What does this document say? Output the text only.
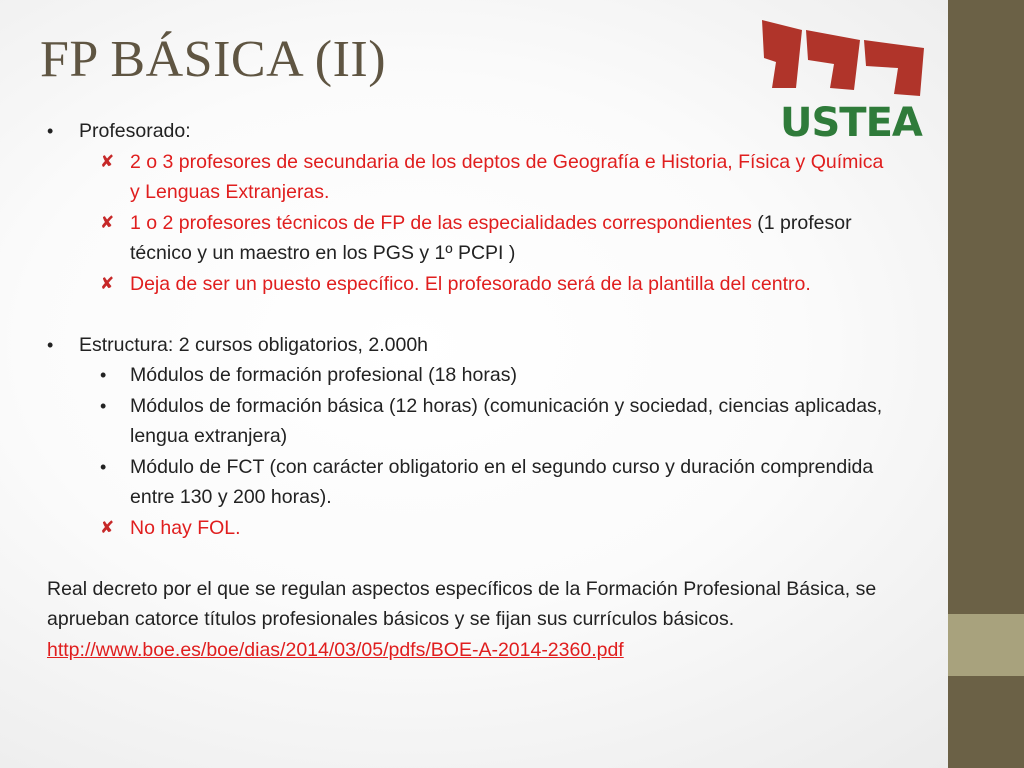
FP BÁSICA (II)
USTEA
•
Profesorado:
✘ 2 o 3 profesores de secundaria de los deptos de Geografía e Historia, Física y Química y Lenguas Extranjeras.
✘ 1 o 2 profesores técnicos de FP de las especialidades correspondientes (1 profesor técnico y un maestro en los PGS y 1º PCPI )
✘ Deja de ser un puesto específico. El profesorado será de la plantilla del centro.
•
Estructura: 2 cursos obligatorios, 2.000h
•
Módulos de formación profesional (18 horas)
•
Módulos de formación básica (12 horas) (comunicación y sociedad, ciencias aplicadas, lengua extranjera)
•
Módulo de FCT (con carácter obligatorio en el segundo curso y duración comprendida entre 130 y 200 horas).
✘ No hay FOL.
Real decreto por el que se regulan aspectos específicos de la Formación Profesional Básica, se aprueban catorce títulos profesionales básicos y se fijan sus currículos básicos. http://www.boe.es/boe/dias/2014/03/05/pdfs/BOE-A-2014-2360.pdf
